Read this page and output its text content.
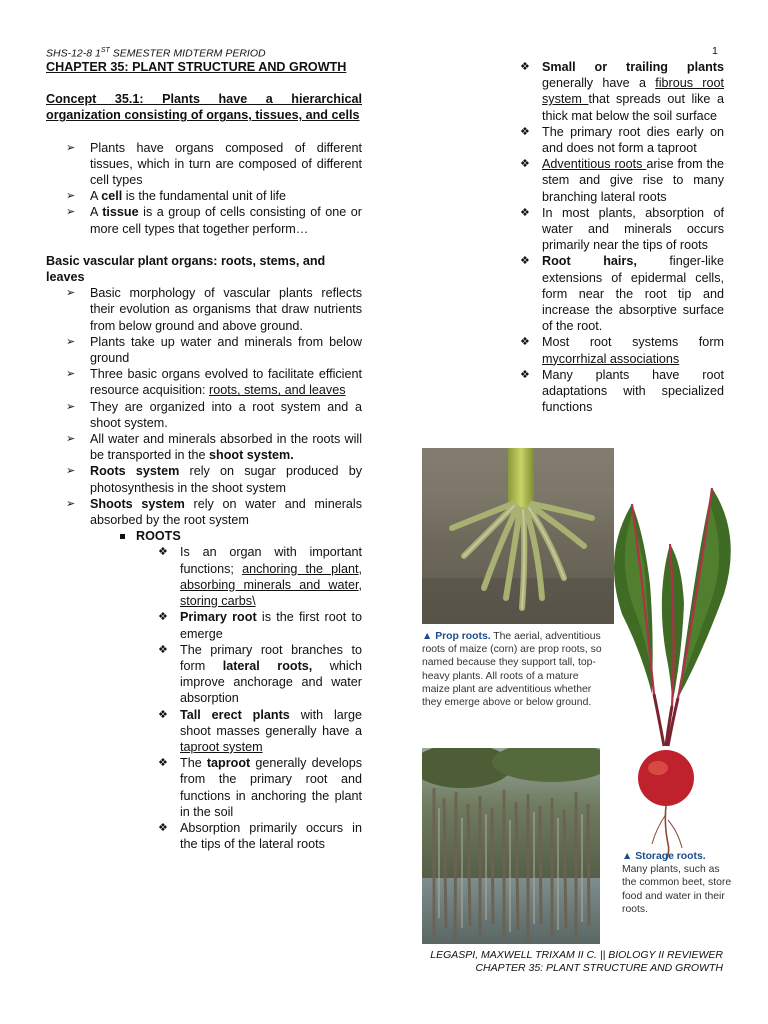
SHS-12-8 1ST SEMESTER MIDTERM PERIOD	1

CHAPTER 35: PLANT STRUCTURE AND GROWTH

Concept 35.1: Plants have a hierarchical organization consisting of organs, tissues, and cells

➢ Plants have organs composed of different tissues, which in turn are composed of different cell types
➢ A cell is the fundamental unit of life
➢ A tissue is a group of cells consisting of one or more cell types that together perform…

Basic vascular plant organs: roots, stems, and leaves

➢ Basic morphology of vascular plants reflects their evolution as organisms that draw nutrients from below ground and above ground.
➢ Plants take up water and minerals from below ground
➢ Three basic organs evolved to facilitate efficient resource acquisition: roots, stems, and leaves
➢ They are organized into a root system and a shoot system.
➢ All water and minerals absorbed in the roots will be transported in the shoot system.
➢ Roots system rely on sugar produced by photosynthesis in the shoot system
➢ Shoots system rely on water and minerals absorbed by the root system
ROOTS
❖ Is an organ with important functions; anchoring the plant, absorbing minerals and water, storing carbs\
❖ Primary root is the first root to emerge
❖ The primary root branches to form lateral roots, which improve anchorage and water absorption
❖ Tall erect plants with large shoot masses generally have a taproot system
❖ The taproot generally develops from the primary root and functions in anchoring the plant in the soil
❖ Absorption primarily occurs in the tips of the lateral roots
❖ Small or trailing plants generally have a fibrous root system that spreads out like a thick mat below the soil surface
❖ The primary root dies early on and does not form a taproot
❖ Adventitious roots arise from the stem and give rise to many branching lateral roots
❖ In most plants, absorption of water and minerals occurs primarily near the tips of roots
❖ Root hairs, finger-like extensions of epidermal cells, form near the root tip and increase the absorptive surface of the root.
❖ Most root systems form mycorrhizal associations
❖ Many plants have root adaptations with specialized functions
▲ Prop roots. The aerial, adventitious roots of maize (corn) are prop roots, so named because they support tall, top-heavy plants. All roots of a mature maize plant are adventitious whether they emerge above or below ground.
▲ Storage roots. Many plants, such as the common beet, store food and water in their roots.
LEGASPI, MAXWELL TRIXAM II C. || BIOLOGY II REVIEWER
CHAPTER 35: PLANT STRUCTURE AND GROWTH
